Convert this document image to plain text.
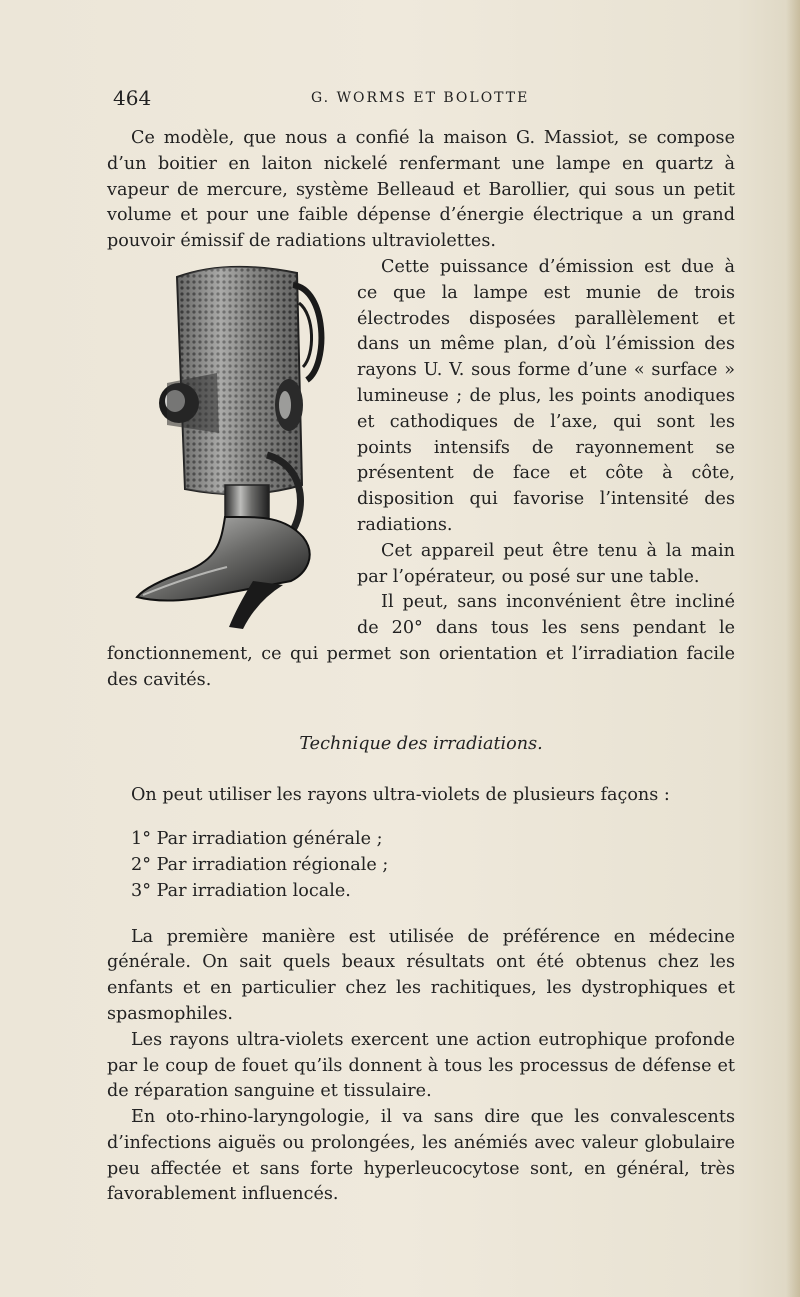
464	G. WORMS ET BOLOTTE

Ce modèle, que nous a confié la maison G. Massiot, se compose d’un boitier en laiton nickelé renfermant une lampe en quartz à vapeur de mercure, système Belleaud et Barollier, qui sous un petit volume et pour une faible dépense d’énergie électrique a un grand pouvoir émissif de radiations ultraviolettes.

Cette puissance d’émission est due à ce que la lampe est munie de trois électrodes disposées parallèlement et dans un même plan, d’où l’émission des rayons U. V. sous forme d’une « surface » lumineuse ; de plus, les points anodiques et cathodiques de l’axe, qui sont les points intensifs de rayonnement se présentent de face et côte à côte, disposition qui favorise l’intensité des radiations.

Cet appareil peut être tenu à la main par l’opérateur, ou posé sur une table.

Il peut, sans inconvénient être incliné de 20° dans tous les sens pendant le fonctionnement, ce qui permet son orientation et l’irradiation facile des cavités.

Technique des irradiations.

On peut utiliser les rayons ultra-violets de plusieurs façons :

1° Par irradiation générale ;

2° Par irradiation régionale ;

3° Par irradiation locale.

La première manière est utilisée de préférence en médecine générale. On sait quels beaux résultats ont été obtenus chez les enfants et en particulier chez les rachitiques, les dystrophiques et spasmophiles.

Les rayons ultra-violets exercent une action eutrophique profonde par le coup de fouet qu’ils donnent à tous les processus de défense et de réparation sanguine et tissulaire.

En oto-rhino-laryngologie, il va sans dire que les convalescents d’infections aiguës ou prolongées, les anémiés avec valeur globulaire peu affectée et sans forte hyperleucocytose sont, en général, très favorablement influencés.
